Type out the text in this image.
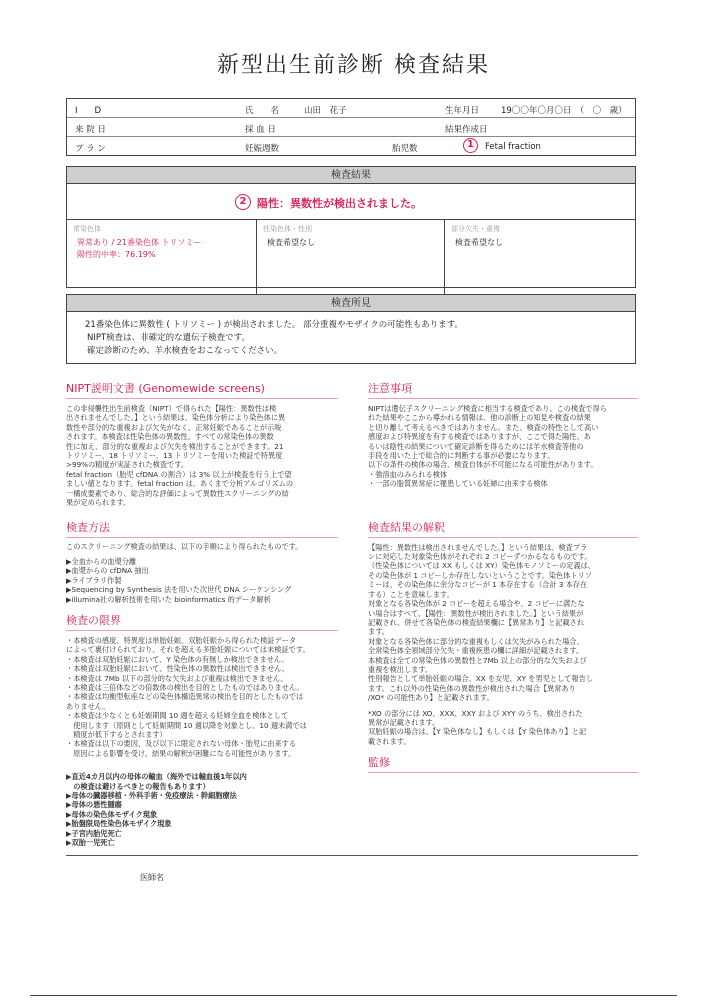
新型出生前診断 検査結果
I　　D	氏　　名	山田　花子	生年月日	19〇〇年〇月〇日　（　〇　歳）
来 院 日	採 血 日	結果作成日
プ ラ ン	妊娠週数	胎児数	1	Fetal fraction
検査結果
2 陽性：異数性が検出されました。
常染色体
異常あり / 21番染色体 トリソミー
陽性的中率：76.19%
性染色体・性別
検査希望なし
部分欠失・重複
検査希望なし
検査所見
21番染色体に異数性 ( トリソミー ) が検出されました。 部分重複やモザイクの可能性もあります。
NIPT検査は、非確定的な遺伝子検査です。
確定診断のため、羊水検査をおこなってください。
NIPT説明文書 (Genomewide screens)

この非侵襲性出生前検査（NIPT）で得られた【陽性：異数性は検

出されませんでした。】という結果は、染色体分析により染色体に異

数性や部分的な重複および欠失がなく、正常妊娠であることが示唆

されます。本検査は性染色体の異数性、すべての常染色体の異数

性に加え、部分的な重複および欠失を検出することができます。21

トリソミー、18 トリソミー、13 トリソミーを用いた検証で特異度

>99%の精度が実証された検査です。

fetal fraction（胎児 cfDNA の割合）は 3% 以上が検査を行う上で望

ましい値となります。fetal fraction は、あくまで分析アルゴリズムの

一構成要素であり、総合的な評価によって異数性スクリーニングの結

果が定められます。

検査方法

このスクリーニング検査の結果は、以下の手順により得られたものです。

▶全血からの血漿分離

▶血漿からの cfDNA 抽出

▶ライブラリ作製

▶Sequencing by Synthesis 法を用いた次世代 DNA シーケンシング

▶illumina社の解析技術を用いた bioinformatics 的データ解析

検査の限界

・本検査の感度、特異度は単胎妊娠、双胎妊娠から得られた検証データ

によって裏付けられており、それを超える多胎妊娠については未検証です。

・本検査は双胎妊娠において、Y 染色体の有無しか検出できません。

・本検査は双胎妊娠において、性染色体の異数性は検出できません。

・本検査は 7Mb 以下の部分的な欠失および重複は検出できません。

・本検査は三倍体などの倍数体の検出を目的としたものではありません。

・本検査は均衡型転座などの染色体構造異常の検出を目的としたものでは

ありません。

・本検査は少なくとも妊娠期間 10 週を超える妊婦全血を検体として

　使用します（原則として妊娠期間 10 週以降を対象とし、10 週未満では

　精度が低下するとされます）

・本検査は以下の要因、及び以下に限定されない母体・胎児に由来する

　原因による影響を受け、結果の解釈が困難になる可能性があります。

▶直近4カ月以内の母体の輸血（海外では輸血後1年以内

　の検査は避けるべきとの報告もあります）

▶母体の臓器移植・外科手術・免疫療法・幹細胞療法

▶母体の悪性腫瘍

▶母体の染色体モザイク現象

▶胎盤限局性染色体モザイク現象

▶子宮内胎児死亡

▶双胎一児死亡

注意事項

NIPTは遺伝子スクリーニング検査に相当する検査であり、この検査で得ら

れた結果やここから導かれる情報は、他の診断上の知見や検査の結果

と切り離して考えるべきではありません。また、検査の特性として高い

感度および特異度を有する検査ではありますが、ここで得た陽性、あ

るいは陰性の結果について確定診断を得るためには羊水検査等他の

手段を用いた上で総合的に判断する事が必要になります。

以下の条件の検体の場合、検査自体が不可能になる可能性があります。

・強溶血のみられる検体

・一部の脂質異常症に罹患している妊婦に由来する検体

検査結果の解釈

【陽性：異数性は検出されませんでした。】という結果は、検査プラ

ンに対応した対象染色体がそれぞれ 2 コピーずつかるなるものです。

（性染色体については XX もしくは XY）染色体モノソミーの定義は、

その染色体が 1 コピーしか存在しないということです。染色体トリソ

ミーは、その染色体に余分なコピーが 1 本存在する（合計 3 本存在

する）ことを意味します。

対象となる各染色体が 2 コピーを超える場合や、2 コピーに満たな

い場合はすべて、【陽性：異数性が検出されました。】という結果が

記載され、併せて各染色体の検査結果欄に【異常あり】と記載され

ます。

対象となる各染色体に部分的な重複もしくは欠失がみられた場合、

全常染色体全領域部分欠失・重複疾患の欄に詳細が記載されます。

本検査は全ての常染色体の異数性と7Mb 以上の部分的な欠失および

重複を検出します。

性別報告として単胎妊娠の場合、XX を女児、XY を男児として報告し

ます。これ以外の性染色体の異数性が検出された場合【異常あり

/XO* の可能性あり】と記載されます。

*XO の部分には XO、XXX、XXY および XYY のうち、検出された

異常が記載されます。

双胎妊娠の場合は、【Y 染色体なし】もしくは【Y 染色体あり】と記

載されます。

監修
医師名
